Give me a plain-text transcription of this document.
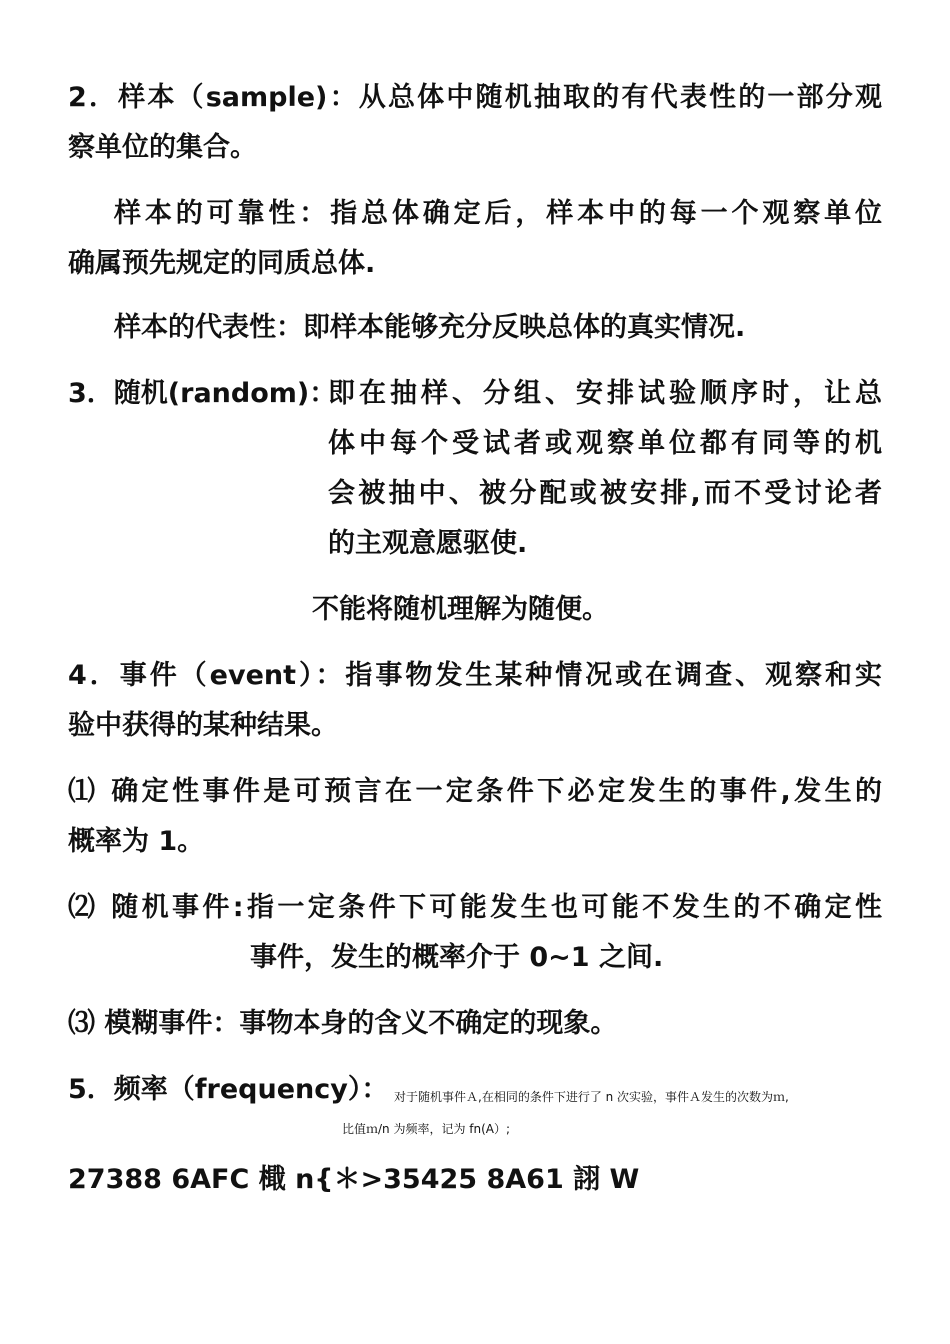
2．样本（sample)：从总体中随机抽取的有代表性的一部分观
察单位的集合。
样本的可靠性：指总体确定后，样本中的每一个观察单位
确属预先规定的同质总体.
样本的代表性：即样本能够充分反映总体的真实情况.
3．随机(random)：
即在抽样、分组、安排试验顺序时，让总
体中每个受试者或观察单位都有同等的机
会被抽中、被分配或被安排,而不受讨论者
的主观意愿驱使.
不能将随机理解为随便。
4．事件（event）：指事物发生某种情况或在调查、观察和实
验中获得的某种结果。
⑴ 确定性事件是可预言在一定条件下必定发生的事件,发生的
概率为 1。
⑵ 随机事件:指一定条件下可能发生也可能不发生的不确定性
事件，发生的概率介于 0~1 之间.
⑶ 模糊事件：事物本身的含义不确定的现象。
5．频率（frequency）： 对于随机事件Ａ,在相同的条件下进行了 n 次实验，事件Ａ发生的次数为ｍ,
比值ｍ/n 为频率，记为 fn(A）;
27388 6AFC 檝 n{＊>35425 8A61 詡 W
